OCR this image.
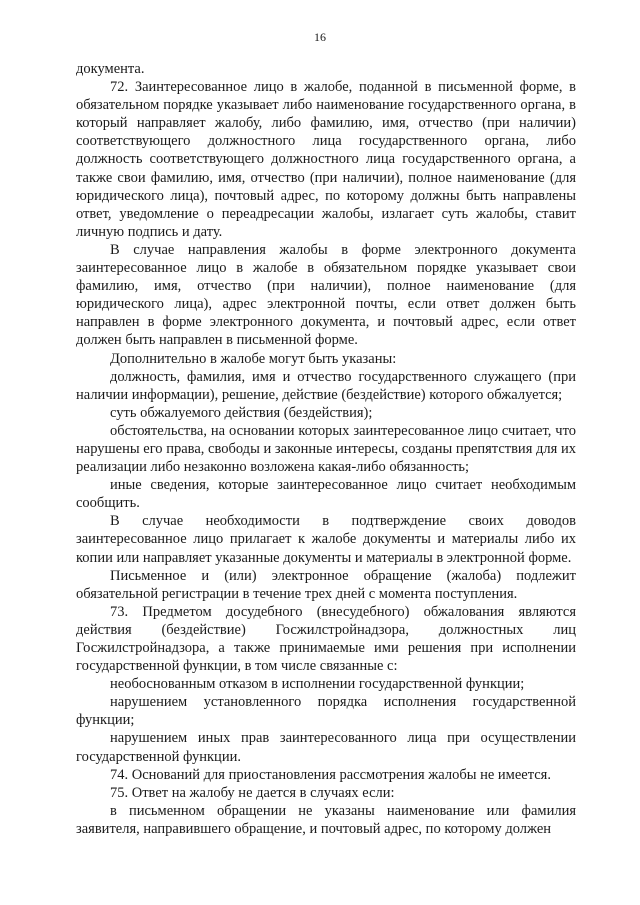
16

документа.

72. Заинтересованное лицо в жалобе, поданной в письменной форме, в обязательном порядке указывает либо наименование государственного органа, в который направляет жалобу, либо фамилию, имя, отчество (при наличии) соответствующего должностного лица государственного органа, либо должность соответствующего должностного лица государственного органа, а также свои фамилию, имя, отчество (при наличии), полное наименование (для юридического лица), почтовый адрес, по которому должны быть направлены ответ, уведомление о переадресации жалобы, излагает суть жалобы, ставит личную подпись и дату.

В случае направления жалобы в форме электронного документа заинтересованное лицо в жалобе в обязательном порядке указывает свои фамилию, имя, отчество (при наличии), полное наименование (для юридического лица), адрес электронной почты, если ответ должен быть направлен в форме электронного документа, и почтовый адрес, если ответ должен быть направлен в письменной форме.

Дополнительно в жалобе могут быть указаны:

должность, фамилия, имя и отчество государственного служащего (при наличии информации), решение, действие (бездействие) которого обжалуется;

суть обжалуемого действия (бездействия);

обстоятельства, на основании которых заинтересованное лицо считает, что нарушены его права, свободы и законные интересы, созданы препятствия для их реализации либо незаконно возложена какая-либо обязанность;

иные сведения, которые заинтересованное лицо считает необходимым сообщить.

В случае необходимости в подтверждение своих доводов заинтересованное лицо прилагает к жалобе документы и материалы либо их копии или направляет указанные документы и материалы в электронной форме.

Письменное и (или) электронное обращение (жалоба) подлежит обязательной регистрации в течение трех дней с момента поступления.

73. Предметом досудебного (внесудебного) обжалования являются действия (бездействие) Госжилстройнадзора, должностных лиц Госжилстройнадзора, а также принимаемые ими решения при исполнении государственной функции, в том числе связанные с:

необоснованным отказом в исполнении государственной функции;

нарушением установленного порядка исполнения государственной функции;

нарушением иных прав заинтересованного лица при осуществлении государственной функции.

74. Оснований для приостановления рассмотрения жалобы не имеется.

75. Ответ на жалобу не дается в случаях если:

в письменном обращении не указаны наименование или фамилия заявителя, направившего обращение, и почтовый адрес, по которому должен
